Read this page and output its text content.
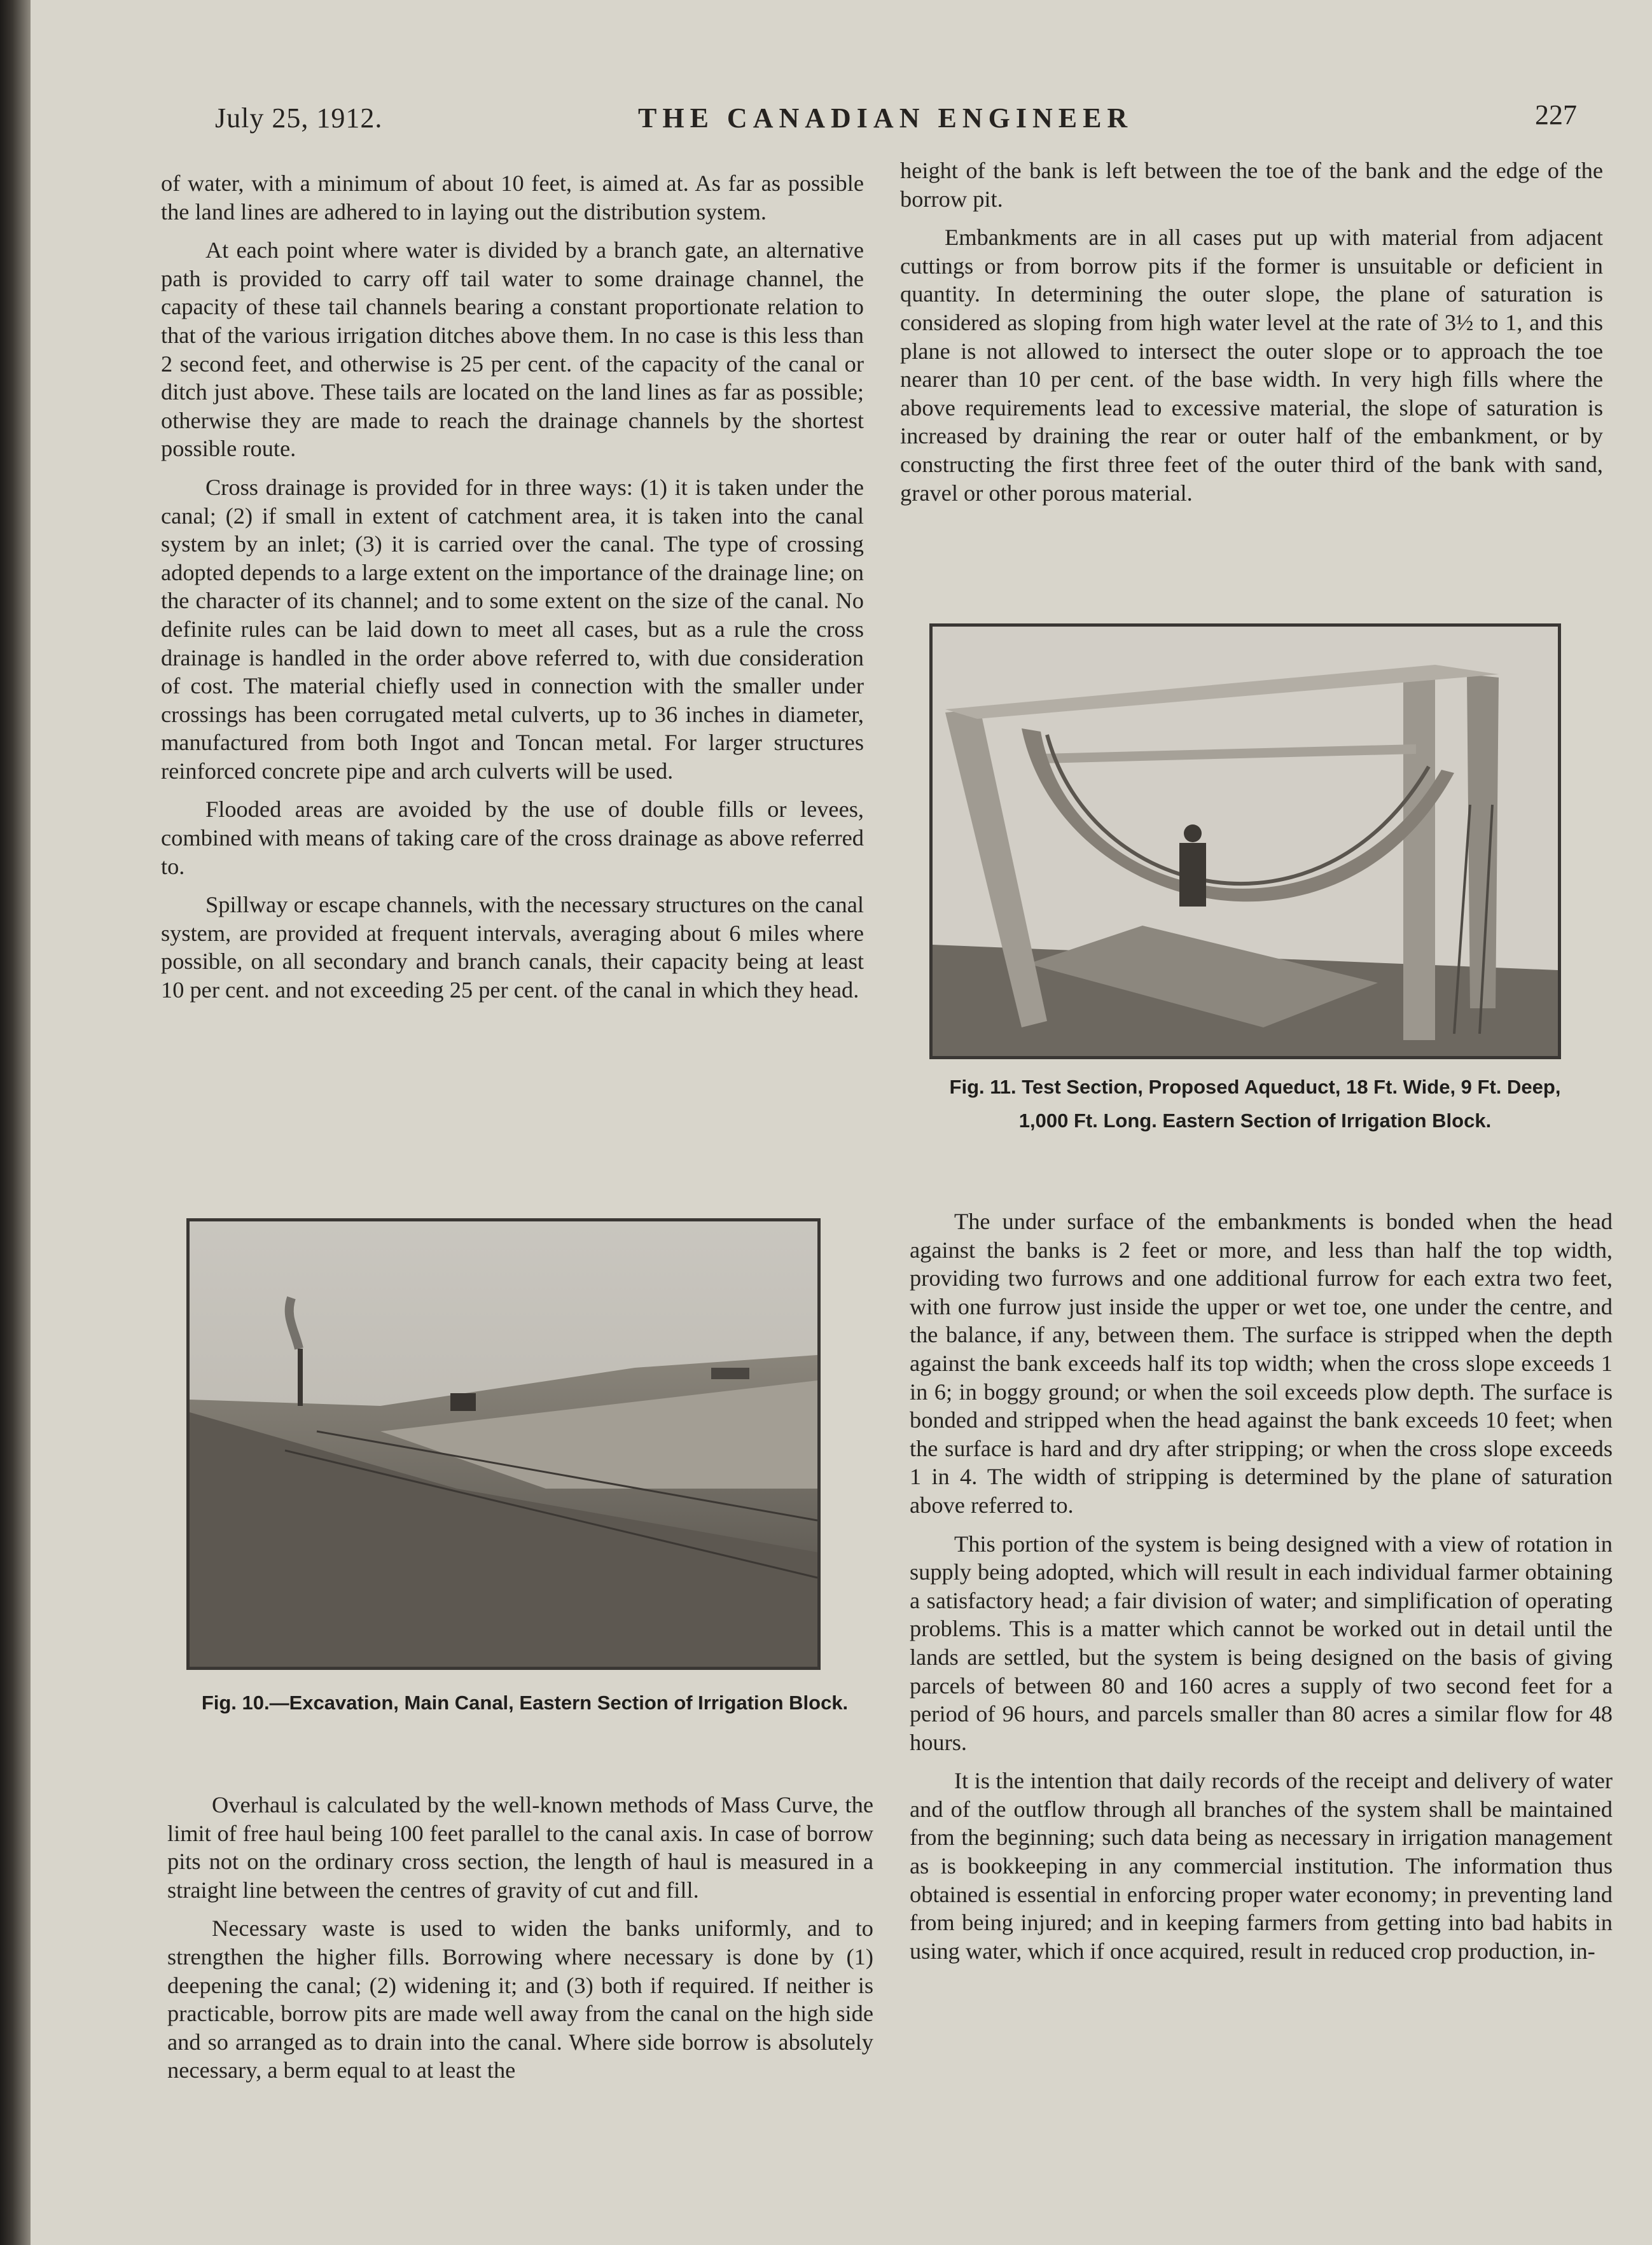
July 25, 1912.	THE CANADIAN ENGINEER	227

of water, with a minimum of about 10 feet, is aimed at. As far as possible the land lines are adhered to in laying out the distribution system.

At each point where water is divided by a branch gate, an alternative path is provided to carry off tail water to some drainage channel, the capacity of these tail channels bearing a constant proportionate relation to that of the various irrigation ditches above them. In no case is this less than 2 second feet, and otherwise is 25 per cent. of the capacity of the canal or ditch just above. These tails are located on the land lines as far as possible; otherwise they are made to reach the drainage channels by the shortest possible route.

Cross drainage is provided for in three ways: (1) it is taken under the canal; (2) if small in extent of catchment area, it is taken into the canal system by an inlet; (3) it is carried over the canal. The type of crossing adopted depends to a large extent on the importance of the drainage line; on the character of its channel; and to some extent on the size of the canal. No definite rules can be laid down to meet all cases, but as a rule the cross drainage is handled in the order above referred to, with due consideration of cost. The material chiefly used in connection with the smaller under crossings has been corrugated metal culverts, up to 36 inches in diameter, manufactured from both Ingot and Toncan metal. For larger structures reinforced concrete pipe and arch culverts will be used.

Flooded areas are avoided by the use of double fills or levees, combined with means of taking care of the cross drainage as above referred to.

Spillway or escape channels, with the necessary structures on the canal system, are provided at frequent intervals, averaging about 6 miles where possible, on all secondary and branch canals, their capacity being at least 10 per cent. and not exceeding 25 per cent. of the canal in which they head.

Fig. 10.—Excavation, Main Canal, Eastern Section of Irrigation Block.

Overhaul is calculated by the well-known methods of Mass Curve, the limit of free haul being 100 feet parallel to the canal axis. In case of borrow pits not on the ordinary cross section, the length of haul is measured in a straight line between the centres of gravity of cut and fill.

Necessary waste is used to widen the banks uniformly, and to strengthen the higher fills. Borrowing where necessary is done by (1) deepening the canal; (2) widening it; and (3) both if required. If neither is practicable, borrow pits are made well away from the canal on the high side and so arranged as to drain into the canal. Where side borrow is absolutely necessary, a berm equal to at least the

height of the bank is left between the toe of the bank and the edge of the borrow pit.

Embankments are in all cases put up with material from adjacent cuttings or from borrow pits if the former is unsuitable or deficient in quantity. In determining the outer slope, the plane of saturation is considered as sloping from high water level at the rate of 3½ to 1, and this plane is not allowed to intersect the outer slope or to approach the toe nearer than 10 per cent. of the base width. In very high fills where the above requirements lead to excessive material, the slope of saturation is increased by draining the rear or outer half of the embankment, or by constructing the first three feet of the outer third of the bank with sand, gravel or other porous material.

Fig. 11. Test Section, Proposed Aqueduct, 18 Ft. Wide, 9 Ft. Deep, 1,000 Ft. Long. Eastern Section of Irrigation Block.

The under surface of the embankments is bonded when the head against the banks is 2 feet or more, and less than half the top width, providing two furrows and one additional furrow for each extra two feet, with one furrow just inside the upper or wet toe, one under the centre, and the balance, if any, between them. The surface is stripped when the depth against the bank exceeds half its top width; when the cross slope exceeds 1 in 6; in boggy ground; or when the soil exceeds plow depth. The surface is bonded and stripped when the head against the bank exceeds 10 feet; when the surface is hard and dry after stripping; or when the cross slope exceeds 1 in 4. The width of stripping is determined by the plane of saturation above referred to.

This portion of the system is being designed with a view of rotation in supply being adopted, which will result in each individual farmer obtaining a satisfactory head; a fair division of water; and simplification of operating problems. This is a matter which cannot be worked out in detail until the lands are settled, but the system is being designed on the basis of giving parcels of between 80 and 160 acres a supply of two second feet for a period of 96 hours, and parcels smaller than 80 acres a similar flow for 48 hours.

It is the intention that daily records of the receipt and delivery of water and of the outflow through all branches of the system shall be maintained from the beginning; such data being as necessary in irrigation management as is bookkeeping in any commercial institution. The information thus obtained is essential in enforcing proper water economy; in preventing land from being injured; and in keeping farmers from getting into bad habits in using water, which if once acquired, result in reduced crop production, in-
